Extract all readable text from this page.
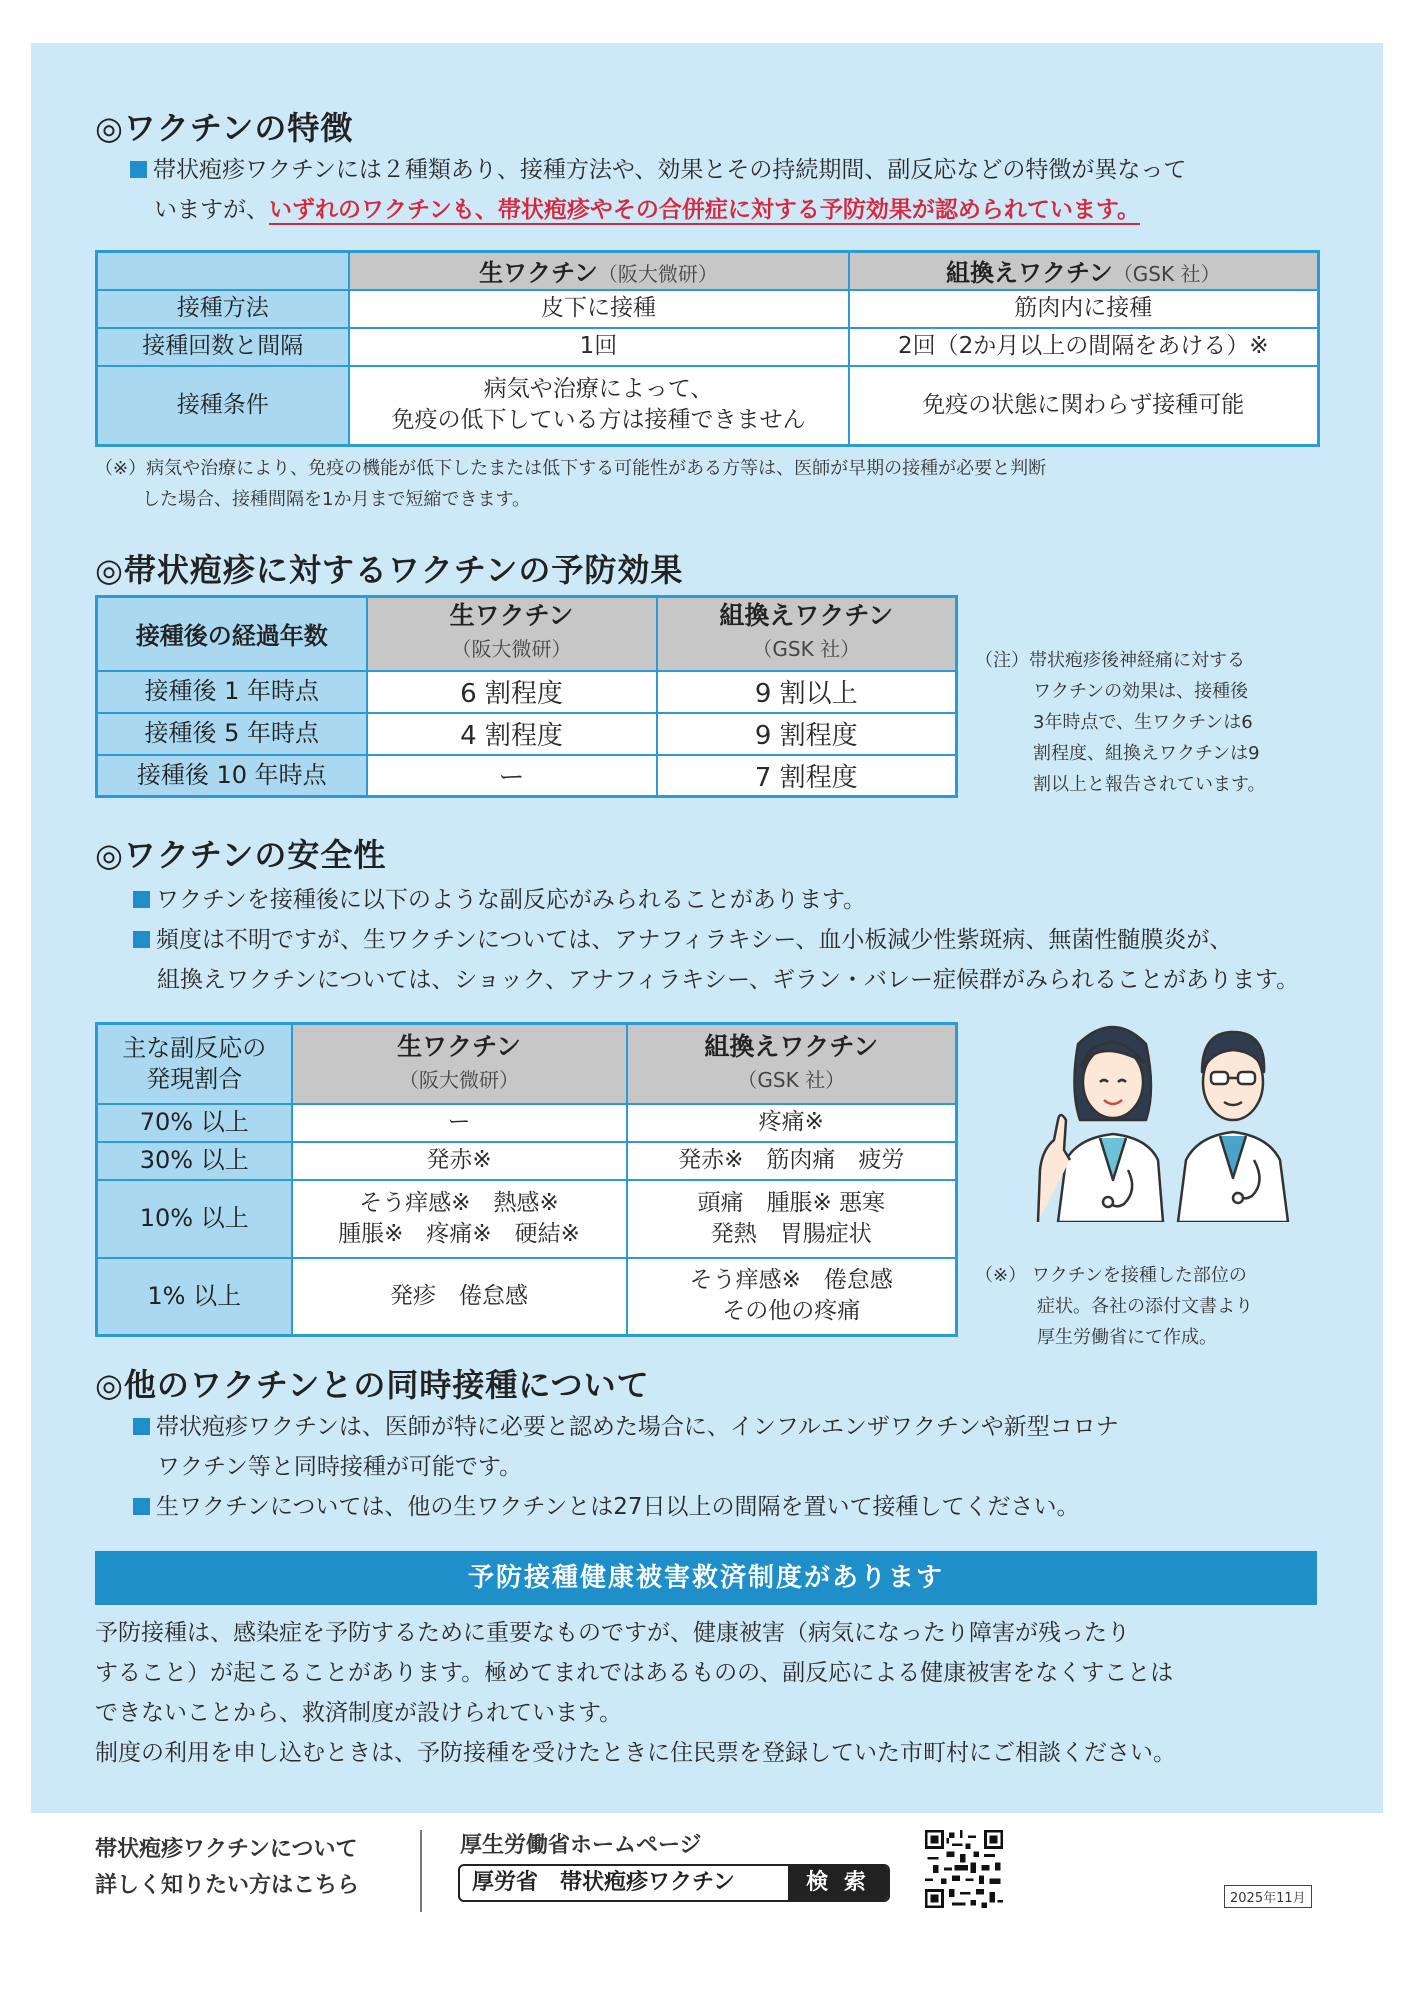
◎ワクチンの特徴
帯状疱疹ワクチンには２種類あり、接種方法や、効果とその持続期間、副反応などの特徴が異なって
いますが、いずれのワクチンも、帯状疱疹やその合併症に対する予防効果が認められています。
	生ワクチン（阪大微研）	組換えワクチン（GSK 社）
接種方法	皮下に接種	筋肉内に接種
接種回数と間隔	1回	2回（2か月以上の間隔をあける）※
接種条件	病気や治療によって、
免疫の低下している方は接種できません	免疫の状態に関わらず接種可能
（※）病気や治療により、免疫の機能が低下したまたは低下する可能性がある方等は、医師が早期の接種が必要と判断
した場合、接種間隔を1か月まで短縮できます。
◎帯状疱疹に対するワクチンの予防効果
接種後の経過年数	生ワクチン
（阪大微研）	組換えワクチン
（GSK 社）
接種後 1 年時点	6 割程度	9 割以上
接種後 5 年時点	4 割程度	9 割程度
接種後 10 年時点	ー	7 割程度
（注）帯状疱疹後神経痛に対する
ワクチンの効果は、接種後
3年時点で、生ワクチンは6
割程度、組換えワクチンは9
割以上と報告されています。
◎ワクチンの安全性
ワクチンを接種後に以下のような副反応がみられることがあります。
頻度は不明ですが、生ワクチンについては、アナフィラキシー、血小板減少性紫斑病、無菌性髄膜炎が、
組換えワクチンについては、ショック、アナフィラキシー、ギラン・バレー症候群がみられることがあります。
主な副反応の
発現割合	生ワクチン
（阪大微研）	組換えワクチン
（GSK 社）
70% 以上	ー	疼痛※
30% 以上	発赤※	発赤※　筋肉痛　疲労
10% 以上	そう痒感※　熱感※
腫脹※　疼痛※　硬結※	頭痛　腫脹※ 悪寒
発熱　胃腸症状
1% 以上	発疹　倦怠感	そう痒感※　倦怠感
その他の疼痛
（※） ワクチンを接種した部位の
症状。各社の添付文書より
厚生労働省にて作成。
◎他のワクチンとの同時接種について
帯状疱疹ワクチンは、医師が特に必要と認めた場合に、インフルエンザワクチンや新型コロナ
ワクチン等と同時接種が可能です。
生ワクチンについては、他の生ワクチンとは27日以上の間隔を置いて接種してください。
予防接種健康被害救済制度があります
予防接種は、感染症を予防するために重要なものですが、健康被害（病気になったり障害が残ったり
すること）が起こることがあります。極めてまれではあるものの、副反応による健康被害をなくすことは
できないことから、救済制度が設けられています。
制度の利用を申し込むときは、予防接種を受けたときに住民票を登録していた市町村にご相談ください。
帯状疱疹ワクチンについて
詳しく知りたい方はこちら
厚生労働省ホームページ
厚労省　帯状疱疹ワクチン	検 索
2025年11月
